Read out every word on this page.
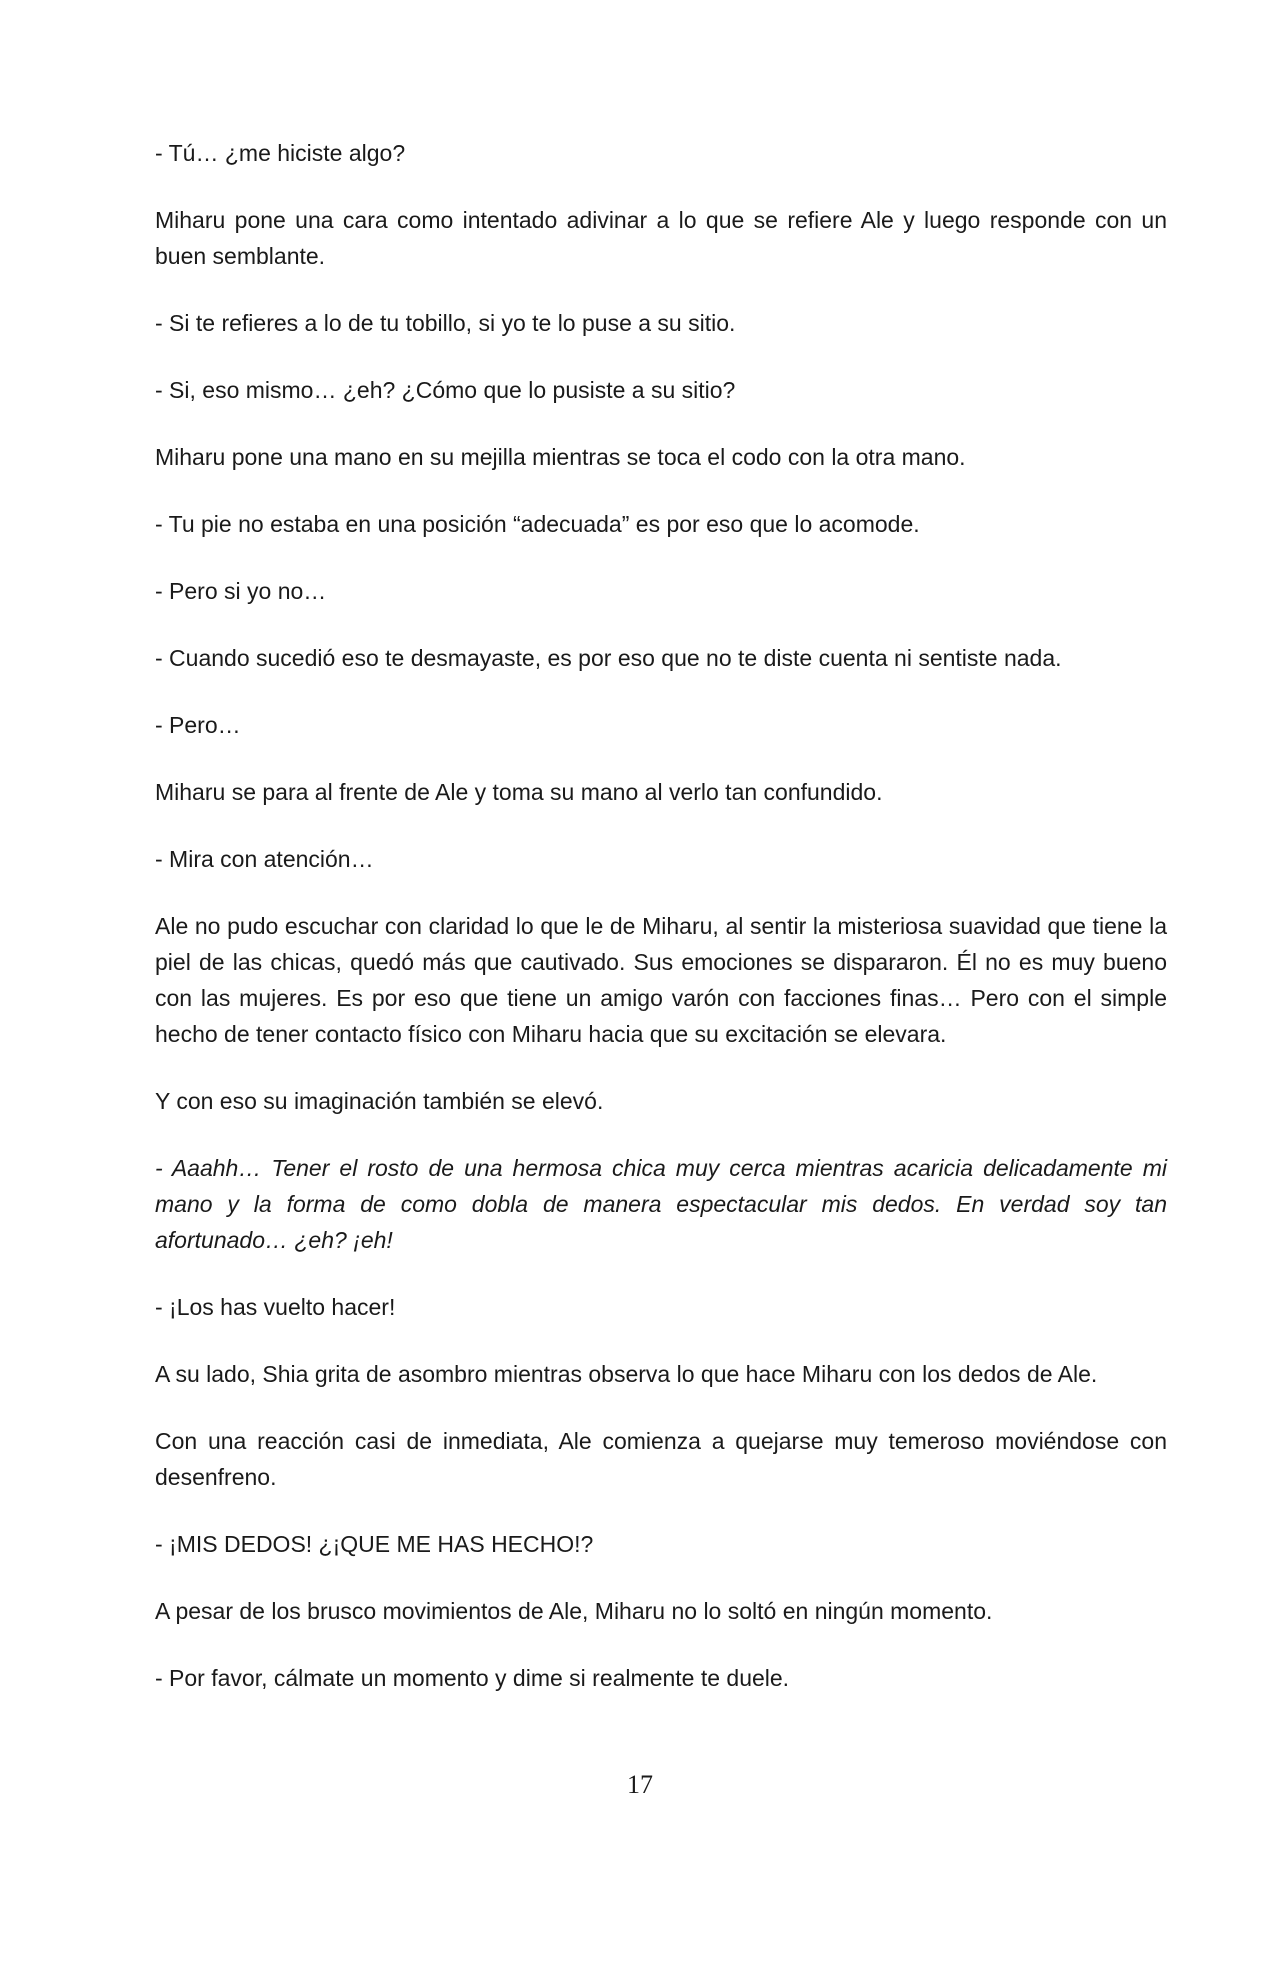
- Tú… ¿me hiciste algo?

Miharu pone una cara como intentado adivinar a lo que se refiere Ale y luego responde con un buen semblante.

- Si te refieres a lo de tu tobillo, si yo te lo puse a su sitio.

- Si, eso mismo… ¿eh? ¿Cómo que lo pusiste a su sitio?

Miharu pone una mano en su mejilla mientras se toca el codo con la otra mano.

- Tu pie no estaba en una posición “adecuada” es por eso que lo acomode.

- Pero si yo no…

- Cuando sucedió eso te desmayaste, es por eso que no te diste cuenta ni sentiste nada.

- Pero…

Miharu se para al frente de Ale y toma su mano al verlo tan confundido.

- Mira con atención…

Ale no pudo escuchar con claridad lo que le de Miharu, al sentir la misteriosa suavidad que tiene la piel de las chicas, quedó más que cautivado. Sus emociones se dispararon. Él no es muy bueno con las mujeres. Es por eso que tiene un amigo varón con facciones finas… Pero con el simple hecho de tener contacto físico con Miharu hacia que su excitación se elevara.

Y con eso su imaginación también se elevó.

- Aaahh… Tener el rosto de una hermosa chica muy cerca mientras acaricia delicadamente mi mano y la forma de como dobla de manera espectacular mis dedos. En verdad soy tan afortunado… ¿eh? ¡eh!

- ¡Los has vuelto hacer!

A su lado, Shia grita de asombro mientras observa lo que hace Miharu con los dedos de Ale.

Con una reacción casi de inmediata, Ale comienza a quejarse muy temeroso moviéndose con desenfreno.

- ¡MIS DEDOS! ¿¡QUE ME HAS HECHO!?

A pesar de los brusco movimientos de Ale, Miharu no lo soltó en ningún momento.

- Por favor, cálmate un momento y dime si realmente te duele.

17
